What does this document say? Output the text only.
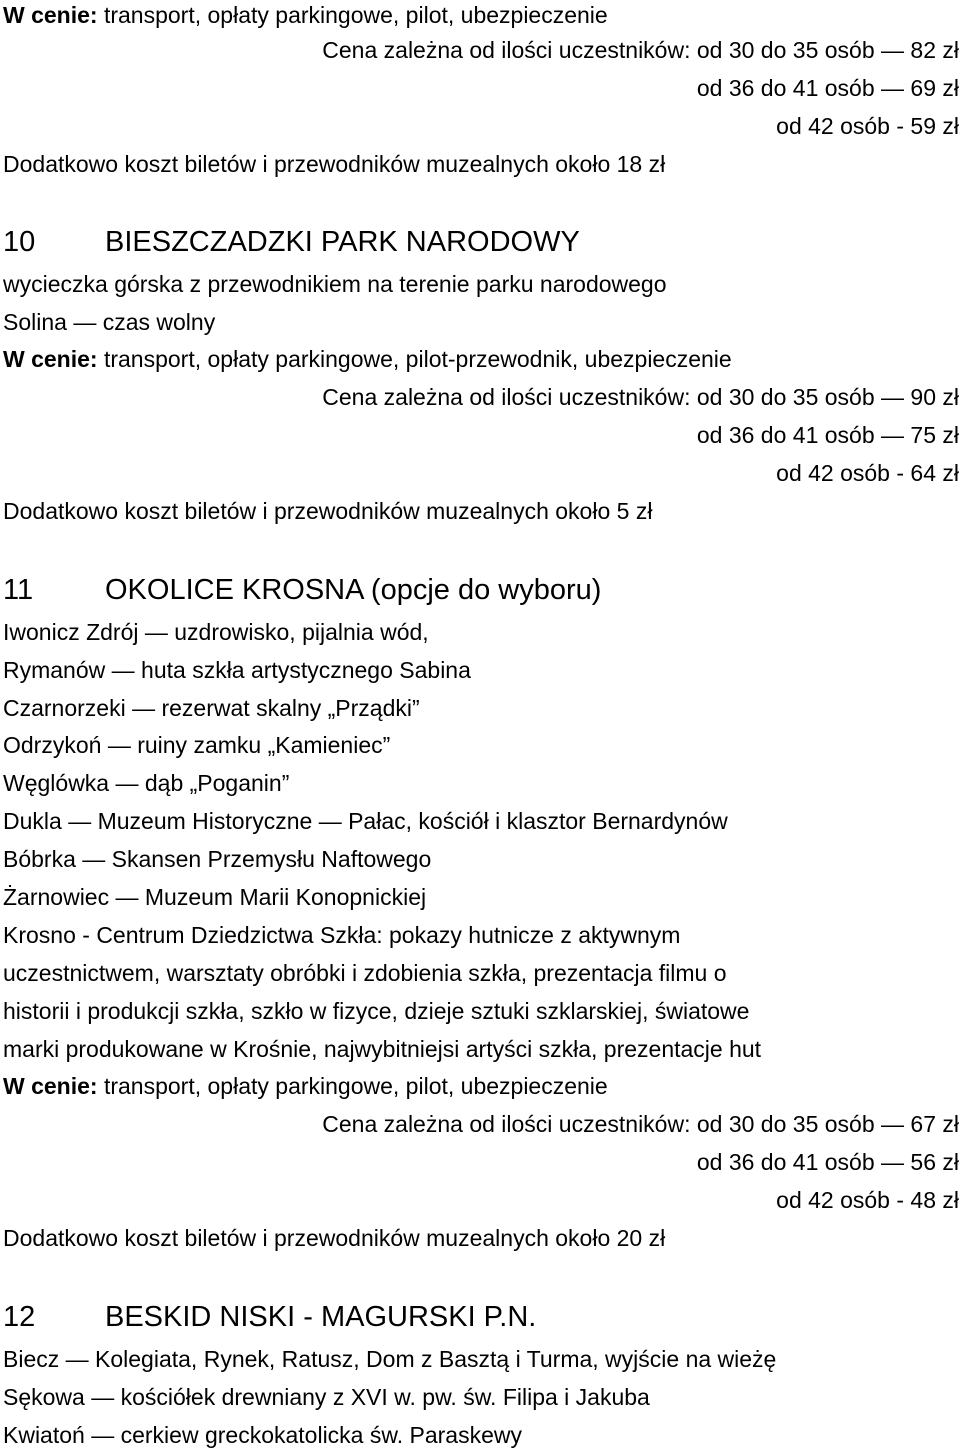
W cenie: transport, opłaty parkingowe, pilot, ubezpieczenie
Cena zależna od ilości uczestników: od 30 do 35 osób — 82 zł
od 36 do 41 osób — 69 zł
od 42 osób - 59 zł
Dodatkowo koszt biletów i przewodników muzealnych około 18 zł
10 BIESZCZADZKI PARK NARODOWY
wycieczka górska z przewodnikiem na terenie parku narodowego
Solina — czas wolny
W cenie: transport, opłaty parkingowe, pilot-przewodnik, ubezpieczenie
Cena zależna od ilości uczestników: od 30 do 35 osób — 90 zł
od 36 do 41 osób — 75 zł
od 42 osób - 64 zł
Dodatkowo koszt biletów i przewodników muzealnych około 5 zł
11 OKOLICE KROSNA (opcje do wyboru)
Iwonicz Zdrój — uzdrowisko, pijalnia wód,
Rymanów — huta szkła artystycznego Sabina
Czarnorzeki — rezerwat skalny „Prządki”
Odrzykoń — ruiny zamku „Kamieniec”
Węglówka — dąb „Poganin”
Dukla — Muzeum Historyczne — Pałac, kościół i klasztor Bernardynów
Bóbrka — Skansen Przemysłu Naftowego
Żarnowiec — Muzeum Marii Konopnickiej
Krosno - Centrum Dziedzictwa Szkła: pokazy hutnicze z aktywnym
uczestnictwem, warsztaty obróbki i zdobienia szkła, prezentacja filmu o
historii i produkcji szkła, szkło w fizyce, dzieje sztuki szklarskiej, światowe
marki produkowane w Krośnie, najwybitniejsi artyści szkła, prezentacje hut
W cenie: transport, opłaty parkingowe, pilot, ubezpieczenie
Cena zależna od ilości uczestników: od 30 do 35 osób — 67 zł
od 36 do 41 osób — 56 zł
od 42 osób - 48 zł
Dodatkowo koszt biletów i przewodników muzealnych około 20 zł
12 BESKID NISKI - MAGURSKI P.N.
Biecz — Kolegiata, Rynek, Ratusz, Dom z Basztą i Turma, wyjście na wieżę
Sękowa — kościółek drewniany z XVI w. pw. św. Filipa i Jakuba
Kwiatoń — cerkiew greckokatolicka św. Paraskewy
